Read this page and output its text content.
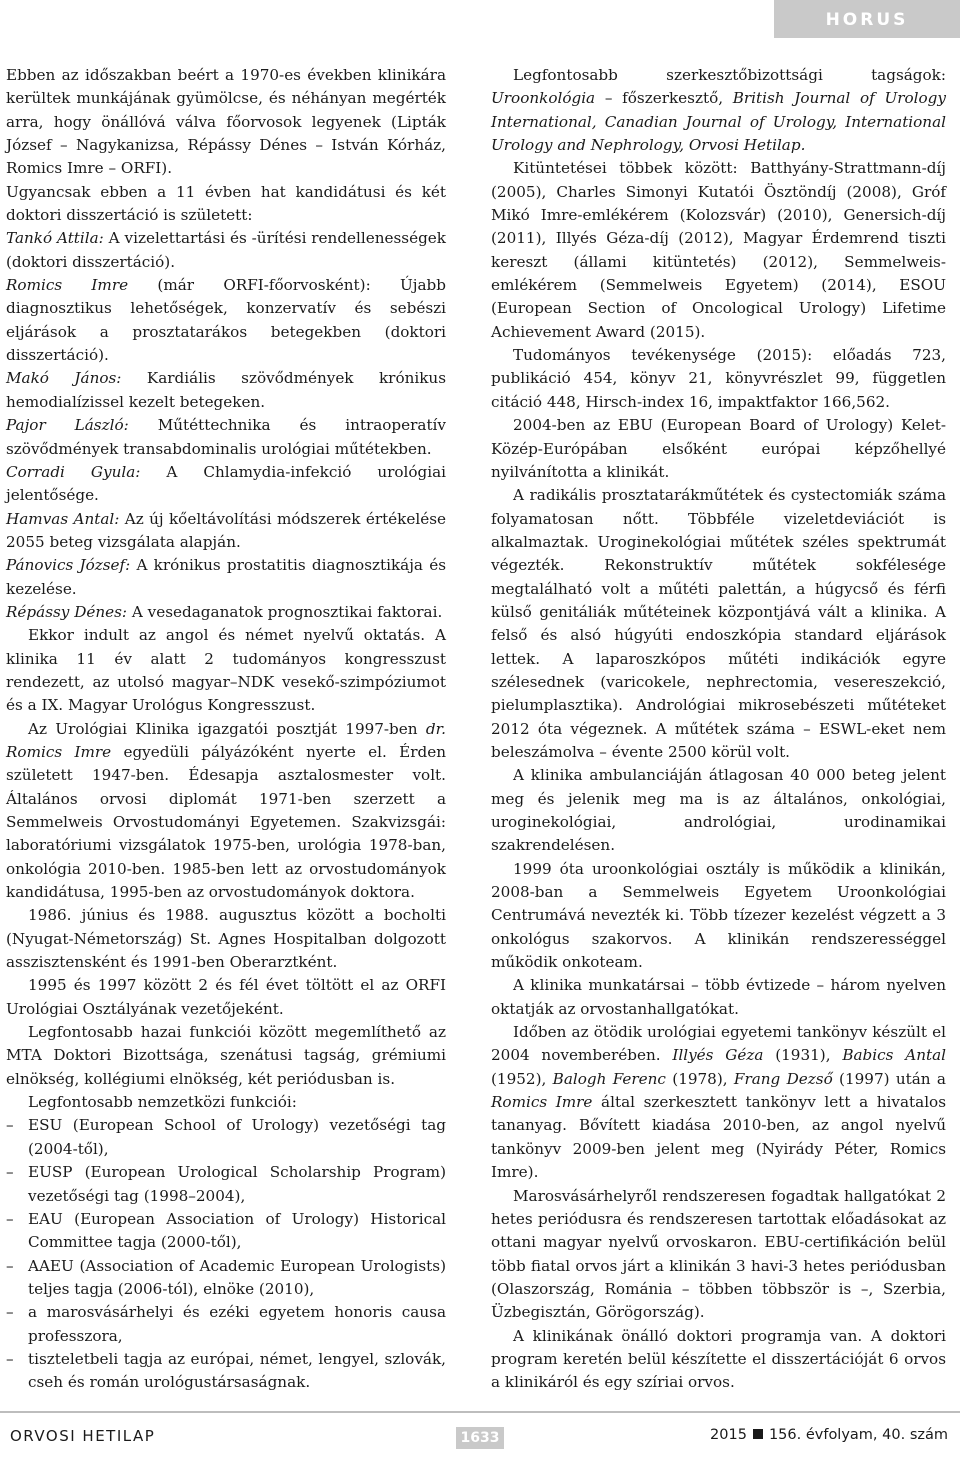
HORUS

Ebben az időszakban beért a 1970-es években klinikára kerültek munkájának gyümölcse, és néhányan megérték arra, hogy önállóvá válva főorvosok legyenek (Lipták József – Nagykanizsa, Répássy Dénes – István Kórház, Romics Imre – ORFI).

Ugyancsak ebben a 11 évben hat kandidátusi és két doktori disszertáció is született:

Tankó Attila: A vizelettartási és -ürítési rendellenességek (doktori disszertáció).

Romics Imre (már ORFI-főorvosként): Újabb diagnosztikus lehetőségek, konzervatív és sebészi eljárások a prosztatarákos betegekben (doktori disszertáció).

Makó János: Kardiális szövődmények krónikus hemodialízissel kezelt betegeken.

Pajor László: Műtéttechnika és intraoperatív szövődmények transabdominalis urológiai műtétekben.

Corradi Gyula: A Chlamydia-infekció urológiai jelentősége.

Hamvas Antal: Az új kőeltávolítási módszerek értékelése 2055 beteg vizsgálata alapján.

Pánovics József: A krónikus prostatitis diagnosztikája és kezelése.

Répássy Dénes: A vesedaganatok prognosztikai faktorai.

Ekkor indult az angol és német nyelvű oktatás. A klinika 11 év alatt 2 tudományos kongresszust rendezett, az utolsó magyar–NDK vesekő-szimpóziumot és a IX. Magyar Urológus Kongresszust.

Az Urológiai Klinika igazgatói posztját 1997-ben dr. Romics Imre egyedüli pályázóként nyerte el. Érden született 1947-ben. Édesapja asztalosmester volt. Általános orvosi diplomát 1971-ben szerzett a Semmelweis Orvostudományi Egyetemen. Szakvizsgái: laboratóriumi vizsgálatok 1975-ben, urológia 1978-ban, onkológia 2010-ben. 1985-ben lett az orvostudományok kandidátusa, 1995-ben az orvostudományok doktora.

1986. június és 1988. augusztus között a bocholti (Nyugat-Németország) St. Agnes Hospitalban dolgozott asszisztensként és 1991-ben Oberarztként.

1995 és 1997 között 2 és fél évet töltött el az ORFI Urológiai Osztályának vezetőjeként.

Legfontosabb hazai funkciói között megemlíthető az MTA Doktori Bizottsága, szenátusi tagság, grémiumi elnökség, kollégiumi elnökség, két periódusban is.

Legfontosabb nemzetközi funkciói:

– ESU (European School of Urology) vezetőségi tag (2004-től),
– EUSP (European Urological Scholarship Program) vezetőségi tag (1998–2004),
– EAU (European Association of Urology) Historical Committee tagja (2000-től),
– AAEU (Association of Academic European Urologists) teljes tagja (2006-tól), elnöke (2010),
– a marosvásárhelyi és ezéki egyetem honoris causa professzora,
– tiszteletbeli tagja az európai, német, lengyel, szlovák, cseh és román urológustársaságnak.

Legfontosabb szerkesztőbizottsági tagságok: Uroonkológia – főszerkesztő, British Journal of Urology International, Canadian Journal of Urology, International Urology and Nephrology, Orvosi Hetilap.

Kitüntetései többek között: Batthyány-Strattmann-díj (2005), Charles Simonyi Kutatói Ösztöndíj (2008), Gróf Mikó Imre-emlékérem (Kolozsvár) (2010), Genersich-díj (2011), Illyés Géza-díj (2012), Magyar Érdemrend tiszti kereszt (állami kitüntetés) (2012), Semmelweis-emlékérem (Semmelweis Egyetem) (2014), ESOU (European Section of Oncological Urology) Lifetime Achievement Award (2015).

Tudományos tevékenysége (2015): előadás 723, publikáció 454, könyv 21, könyvrészlet 99, független citáció 448, Hirsch-index 16, impaktfaktor 166,562.

2004-ben az EBU (European Board of Urology) Kelet-Közép-Európában elsőként európai képzőhellyé nyilvánította a klinikát.

A radikális prosztatarákműtétek és cystectomiák száma folyamatosan nőtt. Többféle vizeletdeviációt is alkalmaztak. Uroginekológiai műtétek széles spektrumát végezték. Rekonstruktív műtétek sokfélesége megtalálható volt a műtéti palettán, a húgycső és férfi külső genitáliák műtéteinek központjává vált a klinika. A felső és alsó húgyúti endoszkópia standard eljárások lettek. A laparoszkópos műtéti indikációk egyre szélesednek (varicokele, nephrectomia, vesereszekció, pielumplasztika). Andrológiai mikrosebészeti műtéteket 2012 óta végeznek. A műtétek száma – ESWL-eket nem beleszámolva – évente 2500 körül volt.

A klinika ambulanciáján átlagosan 40 000 beteg jelent meg és jelenik meg ma is az általános, onkológiai, uroginekológiai, andrológiai, urodinamikai szakrendelésen.

1999 óta uroonkológiai osztály is működik a klinikán, 2008-ban a Semmelweis Egyetem Uroonkológiai Centrumává nevezték ki. Több tízezer kezelést végzett a 3 onkológus szakorvos. A klinikán rendszerességgel működik onkoteam.

A klinika munkatársai – több évtizede – három nyelven oktatják az orvostanhallgatókat.

Időben az ötödik urológiai egyetemi tankönyv készült el 2004 novemberében. Illyés Géza (1931), Babics Antal (1952), Balogh Ferenc (1978), Frang Dezső (1997) után a Romics Imre által szerkesztett tankönyv lett a hivatalos tananyag. Bővített kiadása 2010-ben, az angol nyelvű tankönyv 2009-ben jelent meg (Nyirády Péter, Romics Imre).

Marosvásárhelyről rendszeresen fogadtak hallgatókat 2 hetes periódusra és rendszeresen tartottak előadásokat az ottani magyar nyelvű orvoskaron. EBU-certifikáción belül több fiatal orvos járt a klinikán 3 havi-3 hetes periódusban (Olaszország, Románia – többen többször is –, Szerbia, Üzbegisztán, Görögország).

A klinikának önálló doktori programja van. A doktori program keretén belül készítette el disszertációját 6 orvos a klinikáról és egy szíriai orvos.

ORVOSI HETILAP	1633	2015 156. évfolyam, 40. szám
